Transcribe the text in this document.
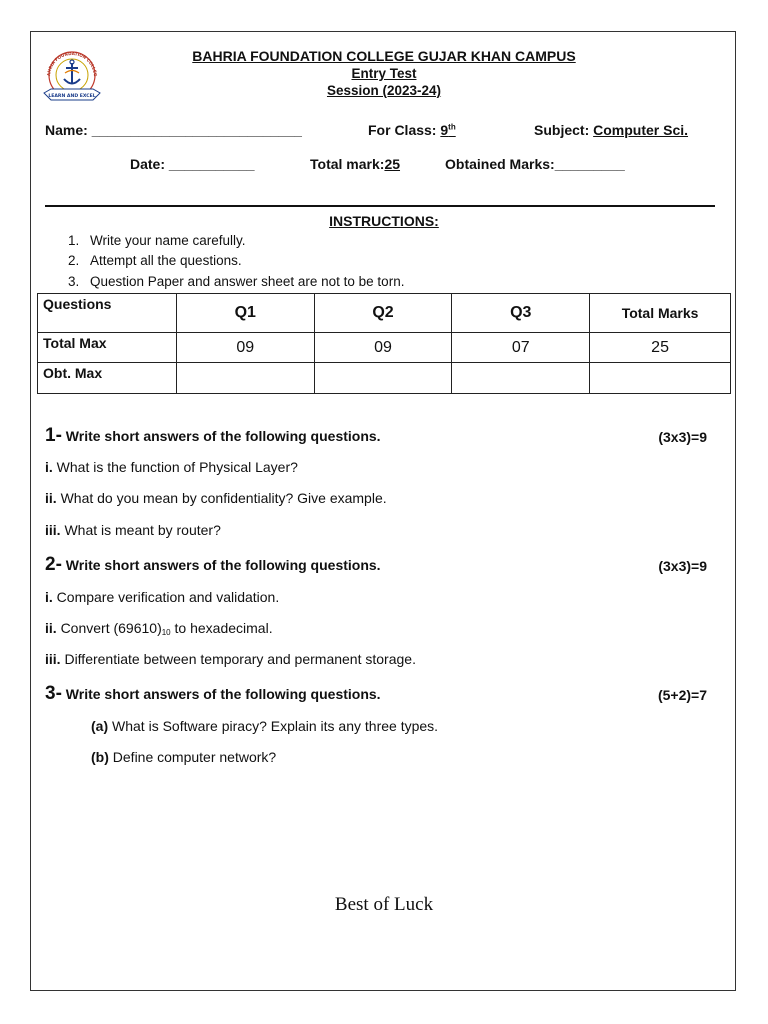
AHRIA FOUNDATION COLLEG
LEARN AND EXCEL
BAHRIA FOUNDATION COLLEGE GUJAR KHAN CAMPUS
Entry Test
Session (2023-24)
Name: ___________________________	For Class: 9th	Subject: Computer Sci.
Date: ___________	Total mark:25	Obtained Marks:_________
INSTRUCTIONS:
1. Write your name carefully.
2. Attempt all the questions.
3. Question Paper and answer sheet are not to be torn.
Questions	Q1	Q2	Q3	Total Marks
Total Max	09	09	07	25
Obt. Max				
1- Write short answers of the following questions.	(3x3)=9
i. What is the function of Physical Layer?
ii. What do you mean by confidentiality? Give example.
iii. What is meant by router?
2- Write short answers of the following questions.	(3x3)=9
i. Compare verification and validation.
ii. Convert $(69610)_{10}$ to hexadecimal.
iii. Differentiate between temporary and permanent storage.
3- Write short answers of the following questions.	(5+2)=7
(a) What is Software piracy? Explain its any three types.
(b) Define computer network?
Best of Luck
